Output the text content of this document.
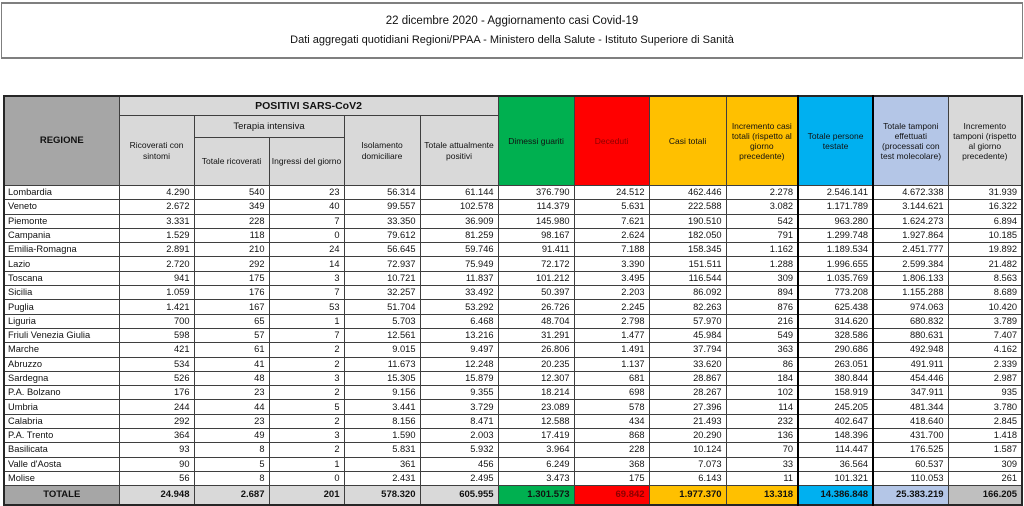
22 dicembre 2020 - Aggiornamento casi Covid-19
Dati aggregati quotidiani Regioni/PPAA - Ministero della Salute - Istituto Superiore di Sanità
REGIONE	POSITIVI SARS-CoV2					Dimessi guariti	Deceduti	Casi totali	Incremento casi totali (rispetto al giorno precedente)	Totale persone testate	Totale tamponi effettuati (processati con test molecolare)	Incremento tamponi (rispetto al giorno precedente)
	Ricoverati con sintomi	Terapia intensiva		Isolamento domiciliare	Totale attualmente positivi							
		Totale ricoverati	Ingressi del giorno									
Lombardia	4.290	540	23	56.314	61.144	376.790	24.512	462.446	2.278	2.546.141	4.672.338	31.939
Veneto	2.672	349	40	99.557	102.578	114.379	5.631	222.588	3.082	1.171.789	3.144.621	16.322
Piemonte	3.331	228	7	33.350	36.909	145.980	7.621	190.510	542	963.280	1.624.273	6.894
Campania	1.529	118	0	79.612	81.259	98.167	2.624	182.050	791	1.299.748	1.927.864	10.185
Emilia-Romagna	2.891	210	24	56.645	59.746	91.411	7.188	158.345	1.162	1.189.534	2.451.777	19.892
Lazio	2.720	292	14	72.937	75.949	72.172	3.390	151.511	1.288	1.996.655	2.599.384	21.482
Toscana	941	175	3	10.721	11.837	101.212	3.495	116.544	309	1.035.769	1.806.133	8.563
Sicilia	1.059	176	7	32.257	33.492	50.397	2.203	86.092	894	773.208	1.155.288	8.689
Puglia	1.421	167	53	51.704	53.292	26.726	2.245	82.263	876	625.438	974.063	10.420
Liguria	700	65	1	5.703	6.468	48.704	2.798	57.970	216	314.620	680.832	3.789
Friuli Venezia Giulia	598	57	7	12.561	13.216	31.291	1.477	45.984	549	328.586	880.631	7.407
Marche	421	61	2	9.015	9.497	26.806	1.491	37.794	363	290.686	492.948	4.162
Abruzzo	534	41	2	11.673	12.248	20.235	1.137	33.620	86	263.051	491.911	2.339
Sardegna	526	48	3	15.305	15.879	12.307	681	28.867	184	380.844	454.446	2.987
P.A. Bolzano	176	23	2	9.156	9.355	18.214	698	28.267	102	158.919	347.911	935
Umbria	244	44	5	3.441	3.729	23.089	578	27.396	114	245.205	481.344	3.780
Calabria	292	23	2	8.156	8.471	12.588	434	21.493	232	402.647	418.640	2.845
P.A. Trento	364	49	3	1.590	2.003	17.419	868	20.290	136	148.396	431.700	1.418
Basilicata	93	8	2	5.831	5.932	3.964	228	10.124	70	114.447	176.525	1.587
Valle d'Aosta	90	5	1	361	456	6.249	368	7.073	33	36.564	60.537	309
Molise	56	8	0	2.431	2.495	3.473	175	6.143	11	101.321	110.053	261
TOTALE	24.948	2.687	201	578.320	605.955	1.301.573	69.842	1.977.370	13.318	14.386.848	25.383.219	166.205
